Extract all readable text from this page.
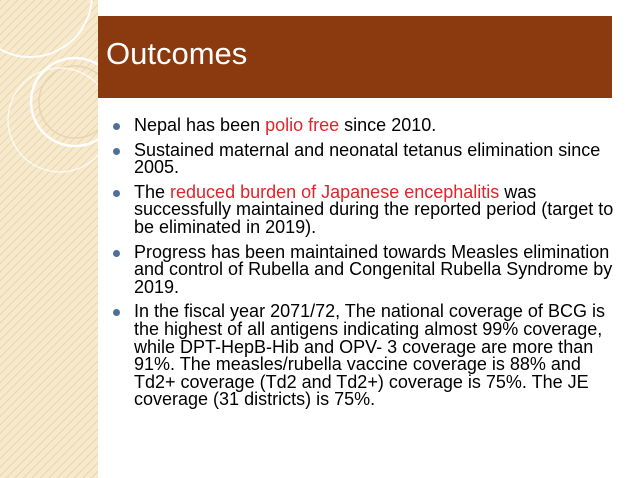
Outcomes
Nepal has been polio free since 2010.
Sustained maternal and neonatal tetanus elimination since 2005.
The reduced burden of Japanese encephalitis was successfully maintained during the reported period (target to be eliminated in 2019).
Progress has been maintained towards Measles elimination and control of Rubella and Congenital Rubella Syndrome by 2019.
In the fiscal year 2071/72, The national coverage of BCG is the highest of all antigens indicating almost 99% coverage, while DPT-HepB-Hib and OPV- 3 coverage are more than 91%. The measles/rubella vaccine coverage is 88% and Td2+ coverage (Td2 and Td2+) coverage is 75%. The JE coverage (31 districts) is 75%.
